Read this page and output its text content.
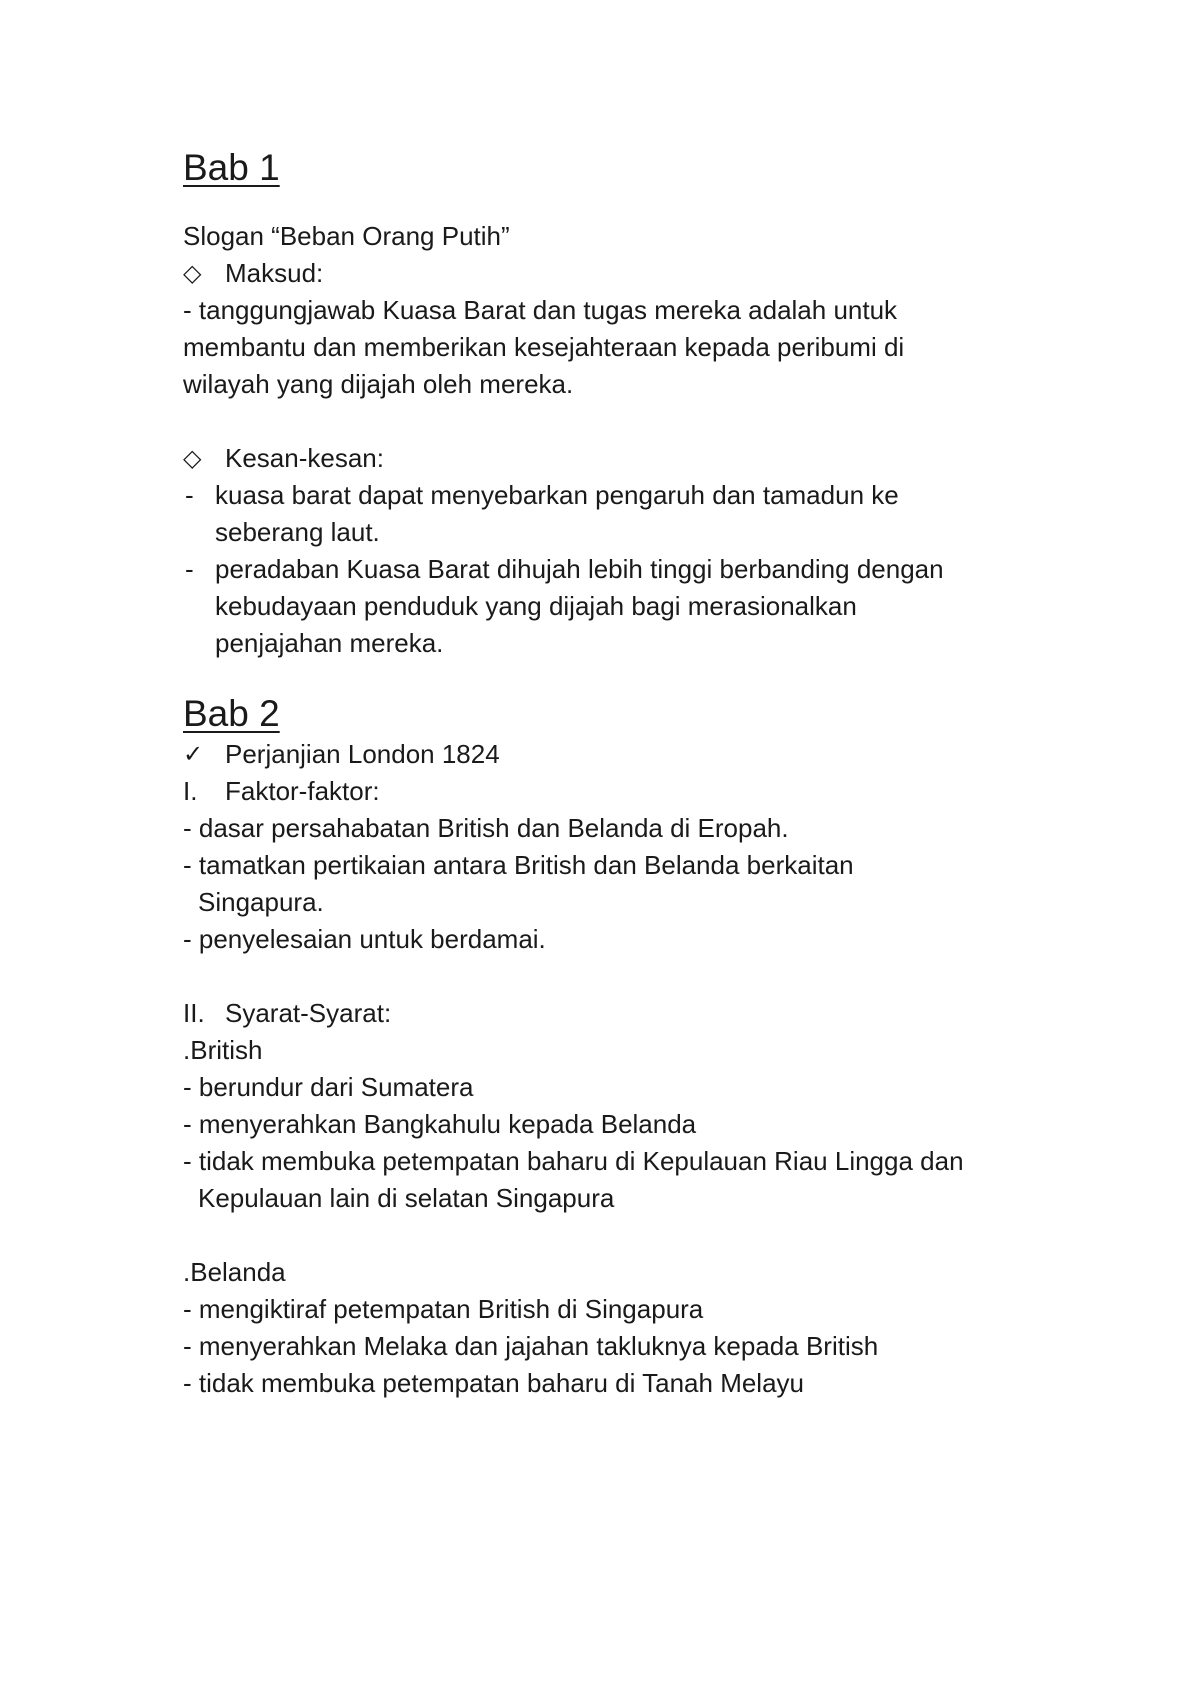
Bab 1

Slogan “Beban Orang Putih”

◇ Maksud:

- tanggungjawab Kuasa Barat dan tugas mereka adalah untuk

membantu dan memberikan kesejahteraan kepada peribumi di

wilayah yang dijajah oleh mereka.

◇ Kesan-kesan:
- kuasa barat dapat menyebarkan pengaruh dan tamadun ke
seberang laut.
- peradaban Kuasa Barat dihujah lebih tinggi berbanding dengan
kebudayaan penduduk yang dijajah bagi merasionalkan
penjajahan mereka.
Bab 2
✓ Perjanjian London 1824
I. Faktor-faktor:

- dasar persahabatan British dan Belanda di Eropah.

- tamatkan pertikaian antara British dan Belanda berkaitan

Singapura.

- penyelesaian untuk berdamai.

II. Syarat-Syarat:

.British

- berundur dari Sumatera

- menyerahkan Bangkahulu kepada Belanda

- tidak membuka petempatan baharu di Kepulauan Riau Lingga dan

Kepulauan lain di selatan Singapura

.Belanda

- mengiktiraf petempatan British di Singapura

- menyerahkan Melaka dan jajahan takluknya kepada British

- tidak membuka petempatan baharu di Tanah Melayu
